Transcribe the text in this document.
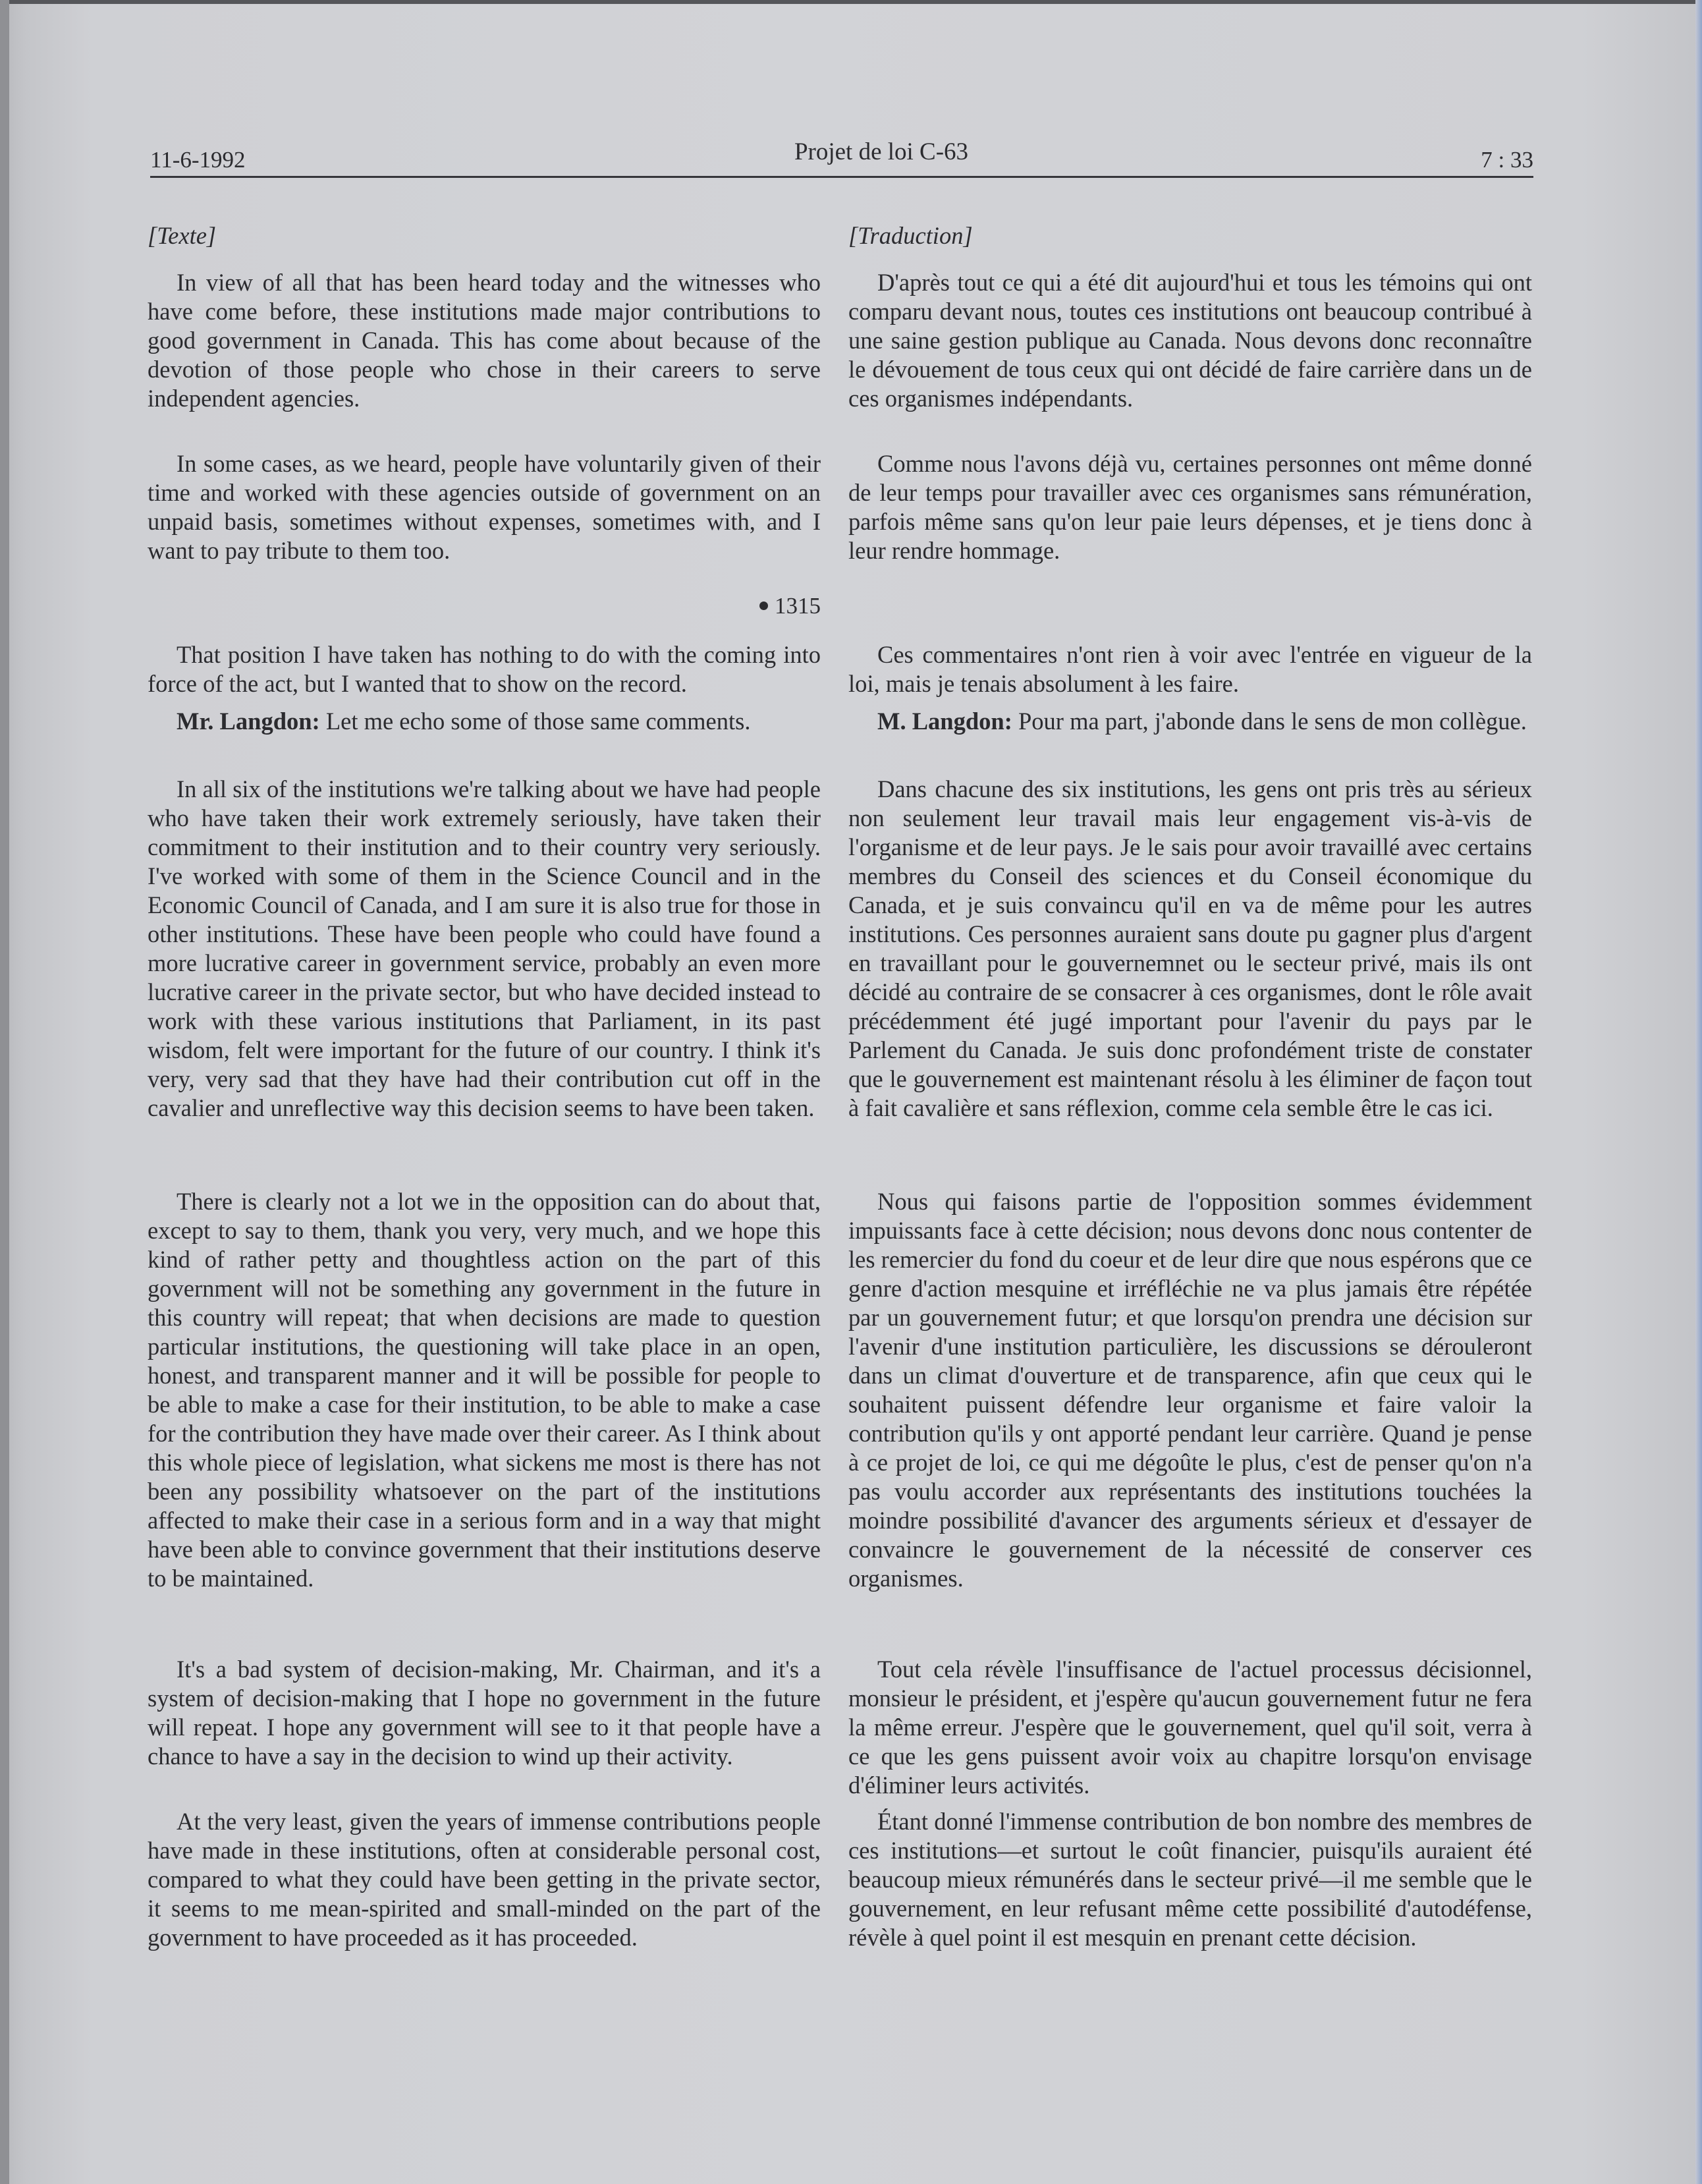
11-6-1992	Projet de loi C-63	7 : 33
[Texte]

In view of all that has been heard today and the witnesses who have come before, these institutions made major contributions to good government in Canada. This has come about because of the devotion of those people who chose in their careers to serve independent agencies.

In some cases, as we heard, people have voluntarily given of their time and worked with these agencies outside of government on an unpaid basis, sometimes without expenses, sometimes with, and I want to pay tribute to them too.

1315

That position I have taken has nothing to do with the coming into force of the act, but I wanted that to show on the record.

Mr. Langdon: Let me echo some of those same comments.

In all six of the institutions we're talking about we have had people who have taken their work extremely seriously, have taken their commitment to their institution and to their country very seriously. I've worked with some of them in the Science Council and in the Economic Council of Canada, and I am sure it is also true for those in other institutions. These have been people who could have found a more lucrative career in government service, probably an even more lucrative career in the private sector, but who have decided instead to work with these various institutions that Parliament, in its past wisdom, felt were important for the future of our country. I think it's very, very sad that they have had their contribution cut off in the cavalier and unreflective way this decision seems to have been taken.

There is clearly not a lot we in the opposition can do about that, except to say to them, thank you very, very much, and we hope this kind of rather petty and thoughtless action on the part of this government will not be something any government in the future in this country will repeat; that when decisions are made to question particular institutions, the questioning will take place in an open, honest, and transparent manner and it will be possible for people to be able to make a case for their institution, to be able to make a case for the contribution they have made over their career. As I think about this whole piece of legislation, what sickens me most is there has not been any possibility whatsoever on the part of the institutions affected to make their case in a serious form and in a way that might have been able to convince government that their institutions deserve to be maintained.

It's a bad system of decision-making, Mr. Chairman, and it's a system of decision-making that I hope no government in the future will repeat. I hope any government will see to it that people have a chance to have a say in the decision to wind up their activity.

At the very least, given the years of immense contributions people have made in these institutions, often at considerable personal cost, compared to what they could have been getting in the private sector, it seems to me mean-spirited and small-minded on the part of the government to have proceeded as it has proceeded.

[Traduction]

D'après tout ce qui a été dit aujourd'hui et tous les témoins qui ont comparu devant nous, toutes ces institutions ont beaucoup contribué à une saine gestion publique au Canada. Nous devons donc reconnaître le dévouement de tous ceux qui ont décidé de faire carrière dans un de ces organismes indépendants.

Comme nous l'avons déjà vu, certaines personnes ont même donné de leur temps pour travailler avec ces organismes sans rémunération, parfois même sans qu'on leur paie leurs dépenses, et je tiens donc à leur rendre hommage.

Ces commentaires n'ont rien à voir avec l'entrée en vigueur de la loi, mais je tenais absolument à les faire.

M. Langdon: Pour ma part, j'abonde dans le sens de mon collègue.

Dans chacune des six institutions, les gens ont pris très au sérieux non seulement leur travail mais leur engagement vis-à-vis de l'organisme et de leur pays. Je le sais pour avoir travaillé avec certains membres du Conseil des sciences et du Conseil économique du Canada, et je suis convaincu qu'il en va de même pour les autres institutions. Ces personnes auraient sans doute pu gagner plus d'argent en travaillant pour le gouvernemnet ou le secteur privé, mais ils ont décidé au contraire de se consacrer à ces organismes, dont le rôle avait précédemment été jugé important pour l'avenir du pays par le Parlement du Canada. Je suis donc profondément triste de constater que le gouvernement est maintenant résolu à les éliminer de façon tout à fait cavalière et sans réflexion, comme cela semble être le cas ici.

Nous qui faisons partie de l'opposition sommes évidemment impuissants face à cette décision; nous devons donc nous contenter de les remercier du fond du coeur et de leur dire que nous espérons que ce genre d'action mesquine et irréfléchie ne va plus jamais être répétée par un gouvernement futur; et que lorsqu'on prendra une décision sur l'avenir d'une institution particulière, les discussions se dérouleront dans un climat d'ouverture et de transparence, afin que ceux qui le souhaitent puissent défendre leur organisme et faire valoir la contribution qu'ils y ont apporté pendant leur carrière. Quand je pense à ce projet de loi, ce qui me dégoûte le plus, c'est de penser qu'on n'a pas voulu accorder aux représentants des institutions touchées la moindre possibilité d'avancer des arguments sérieux et d'essayer de convaincre le gouvernement de la nécessité de conserver ces organismes.

Tout cela révèle l'insuffisance de l'actuel processus décisionnel, monsieur le président, et j'espère qu'aucun gouvernement futur ne fera la même erreur. J'espère que le gouvernement, quel qu'il soit, verra à ce que les gens puissent avoir voix au chapitre lorsqu'on envisage d'éliminer leurs activités.

Étant donné l'immense contribution de bon nombre des membres de ces institutions—et surtout le coût financier, puisqu'ils auraient été beaucoup mieux rémunérés dans le secteur privé—il me semble que le gouvernement, en leur refusant même cette possibilité d'autodéfense, révèle à quel point il est mesquin en prenant cette décision.
